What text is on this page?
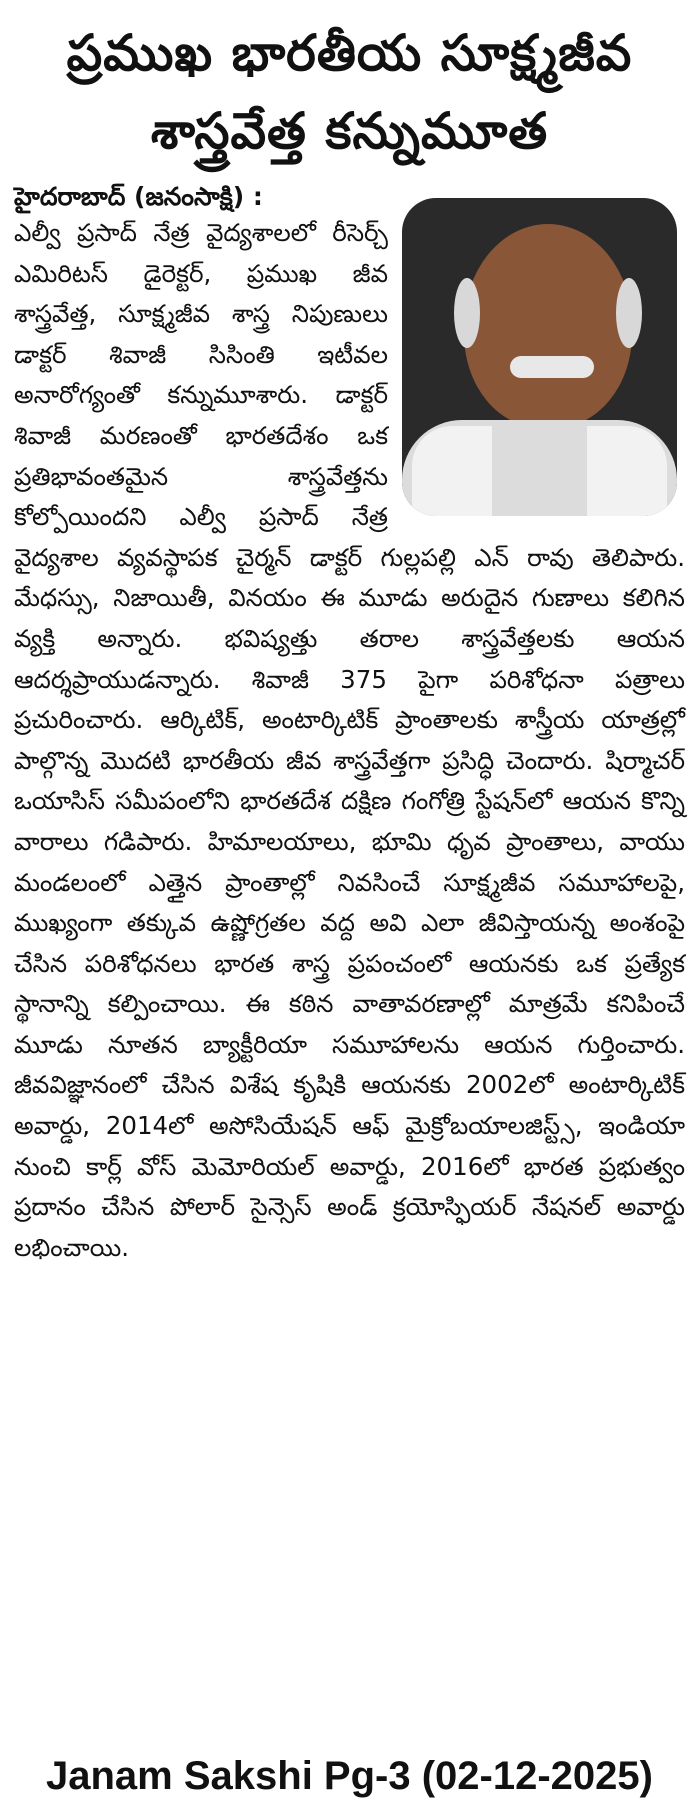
ప్రముఖ భారతీయ సూక్ష్మజీవ
శాస్త్రవేత్త కన్నుమూత
హైదరాబాద్‌ (జనంసాక్షి) :
ఎల్వీ ప్రసాద్‌ నేత్ర వైద్యశాలలో రీసెర్చ్‌ ఎమిరిటస్‌ డైరెక్టర్‌, ప్రముఖ జీవ శాస్త్రవేత్త, సూక్ష్మజీవ శాస్త్ర నిపుణులు డాక్టర్‌ శివాజీ సిసింతి ఇటీవల అనారోగ్యంతో కన్నుమూశారు. డాక్టర్‌ శివాజీ మరణంతో భారతదేశం ఒక ప్రతిభావంతమైన శాస్త్రవేత్తను కోల్పోయిందని ఎల్వీ ప్రసాద్‌ నేత్ర వైద్యశాల వ్యవస్థాపక చైర్మన్‌ డాక్టర్‌ గుల్లపల్లి ఎన్‌ రావు తెలిపారు. మేధస్సు, నిజాయితీ, వినయం ఈ మూడు అరుదైన గుణాలు కలిగిన వ్యక్తి అన్నారు. భవిష్యత్తు తరాల శాస్త్రవేత్తలకు ఆయన ఆదర్శప్రాయుడన్నారు. శివాజీ 375 పైగా పరిశోధనా పత్రాలు ప్రచురించారు. ఆర్కిటిక్‌, అంటార్కిటిక్‌ ప్రాంతాలకు శాస్త్రీయ యాత్రల్లో పాల్గొన్న మొదటి భారతీయ జీవ శాస్త్రవేత్తగా ప్రసిద్ధి చెందారు. షిర్మాచర్‌ ఒయాసిస్‌ సమీపంలోని భారతదేశ దక్షిణ గంగోత్రి స్టేషన్‌లో ఆయన కొన్ని వారాలు గడిపారు. హిమాలయాలు, భూమి ధృవ ప్రాంతాలు, వాయు మండలంలో ఎత్తైన ప్రాంతాల్లో నివసించే సూక్ష్మజీవ సమూహాలపై, ముఖ్యంగా తక్కువ ఉష్ణోగ్రతల వద్ద అవి ఎలా జీవిస్తాయన్న అంశంపై చేసిన పరిశోధనలు భారత శాస్త్ర ప్రపంచంలో ఆయనకు ఒక ప్రత్యేక స్థానాన్ని కల్పించాయి. ఈ కఠిన వాతావరణాల్లో మాత్రమే కనిపించే మూడు నూతన బ్యాక్టీరియా సమూహాలను ఆయన గుర్తించారు. జీవవిజ్ఞానంలో చేసిన విశేష కృషికి ఆయనకు 2002లో అంటార్కిటిక్‌ అవార్డు, 2014లో అసోసియేషన్‌ ఆఫ్‌ మైక్రోబయాలజిస్ట్స్‌, ఇండియా నుంచి కార్ల్‌ వోస్‌ మెమోరియల్‌ అవార్డు, 2016లో భారత ప్రభుత్వం ప్రదానం చేసిన పోలార్‌ సైన్సెస్‌ అండ్‌ క్రయోస్ఫియర్‌ నేషనల్‌ అవార్డు లభించాయి.
Janam Sakshi Pg-3 (02-12-2025)
